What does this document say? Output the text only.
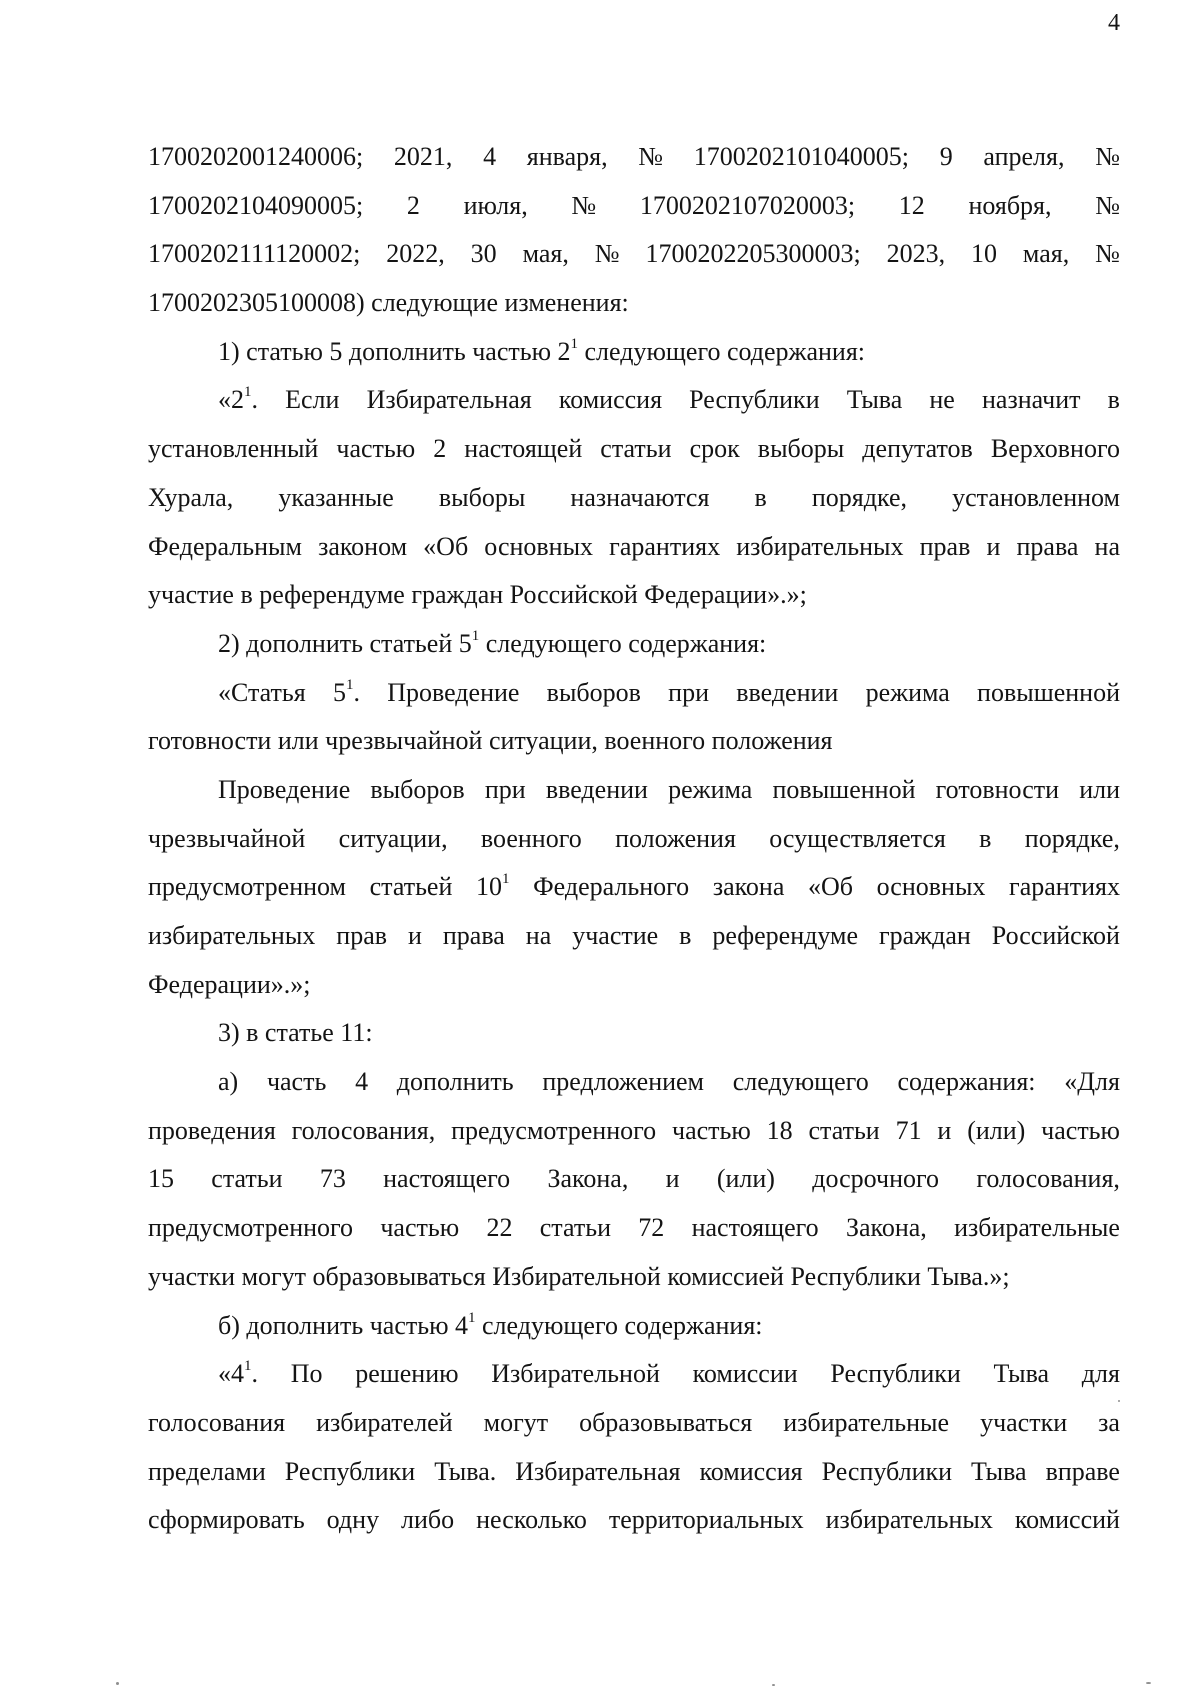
4
1700202001240006; 2021, 4 января, № 1700202101040005; 9 апреля, №
1700202104090005; 2 июля, № 1700202107020003; 12 ноября, №
1700202111120002; 2022, 30 мая, № 1700202205300003; 2023, 10 мая, №
1700202305100008) следующие изменения:
1) статью 5 дополнить частью $2^1$ следующего содержания:
«$2^1$. Если Избирательная комиссия Республики Тыва не назначит в
установленный частью 2 настоящей статьи срок выборы депутатов Верховного
Хурала, указанные выборы назначаются в порядке, установленном
Федеральным законом «Об основных гарантиях избирательных прав и права на
участие в референдуме граждан Российской Федерации».»;
2) дополнить статьей $5^1$ следующего содержания:
«Статья $5^1$. Проведение выборов при введении режима повышенной
готовности или чрезвычайной ситуации, военного положения
Проведение выборов при введении режима повышенной готовности или
чрезвычайной ситуации, военного положения осуществляется в порядке,
предусмотренном статьей $10^1$ Федерального закона «Об основных гарантиях
избирательных прав и права на участие в референдуме граждан Российской
Федерации».»;
3) в статье 11:
а) часть 4 дополнить предложением следующего содержания: «Для
проведения голосования, предусмотренного частью 18 статьи 71 и (или) частью
15 статьи 73 настоящего Закона, и (или) досрочного голосования,
предусмотренного частью 22 статьи 72 настоящего Закона, избирательные
участки могут образовываться Избирательной комиссией Республики Тыва.»;
б) дополнить частью $4^1$ следующего содержания:
«$4^1$. По решению Избирательной комиссии Республики Тыва для
голосования избирателей могут образовываться избирательные участки за
пределами Республики Тыва. Избирательная комиссия Республики Тыва вправе
сформировать одну либо несколько территориальных избирательных комиссий
